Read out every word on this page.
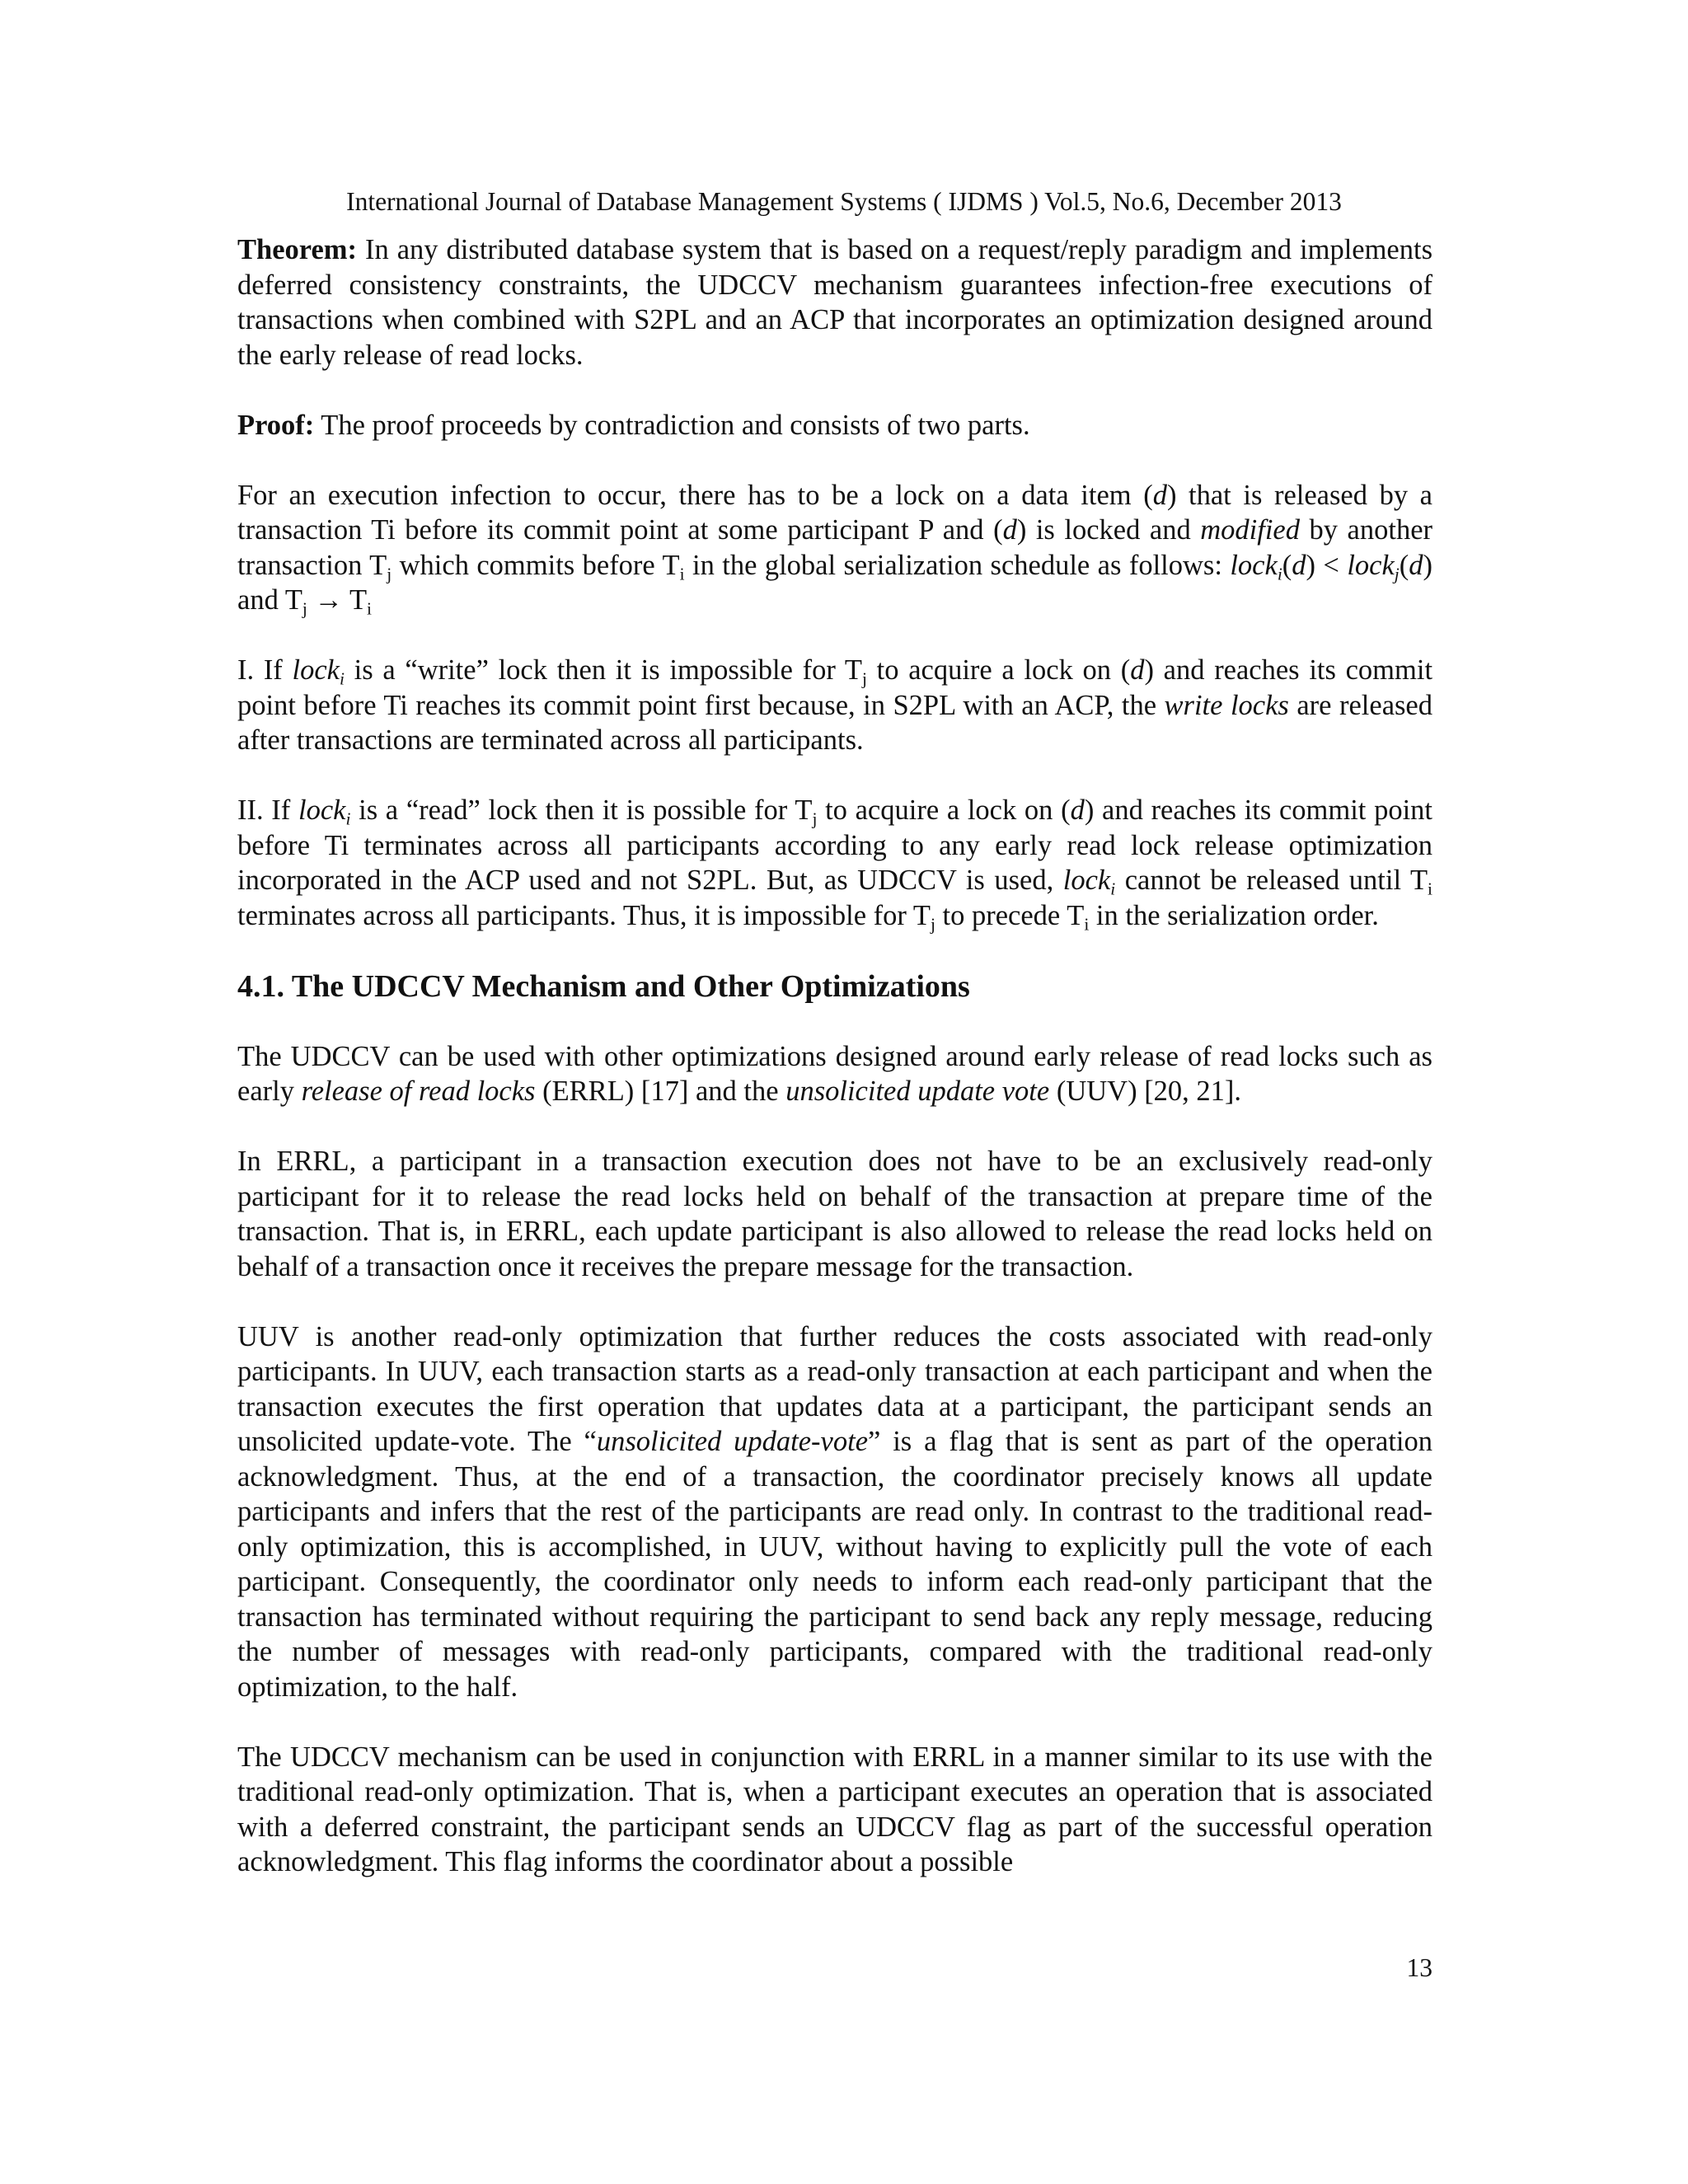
International Journal of Database Management Systems ( IJDMS ) Vol.5, No.6, December 2013

Theorem: In any distributed database system that is based on a request/reply paradigm and implements deferred consistency constraints, the UDCCV mechanism guarantees infection-free executions of transactions when combined with S2PL and an ACP that incorporates an optimization designed around the early release of read locks.

Proof: The proof proceeds by contradiction and consists of two parts.

For an execution infection to occur, there has to be a lock on a data item (d) that is released by a transaction Ti before its commit point at some participant P and (d) is locked and modified by another transaction $T_j$ which commits before $T_i$ in the global serialization schedule as follows: lock$_i$(d) < lock$_j$(d) and $T_j \to T_i$

I. If lock$_i$ is a “write” lock then it is impossible for $T_j$ to acquire a lock on (d) and reaches its commit point before Ti reaches its commit point first because, in S2PL with an ACP, the write locks are released after transactions are terminated across all participants.

II. If lock$_i$ is a “read” lock then it is possible for $T_j$ to acquire a lock on (d) and reaches its commit point before Ti terminates across all participants according to any early read lock release optimization incorporated in the ACP used and not S2PL. But, as UDCCV is used, lock$_i$ cannot be released until $T_i$ terminates across all participants. Thus, it is impossible for $T_j$ to precede $T_i$ in the serialization order.

4.1. The UDCCV Mechanism and Other Optimizations

The UDCCV can be used with other optimizations designed around early release of read locks such as early release of read locks (ERRL) [17] and the unsolicited update vote (UUV) [20, 21].

In ERRL, a participant in a transaction execution does not have to be an exclusively read-only participant for it to release the read locks held on behalf of the transaction at prepare time of the transaction. That is, in ERRL, each update participant is also allowed to release the read locks held on behalf of a transaction once it receives the prepare message for the transaction.

UUV is another read-only optimization that further reduces the costs associated with read-only participants. In UUV, each transaction starts as a read-only transaction at each participant and when the transaction executes the first operation that updates data at a participant, the participant sends an unsolicited update-vote. The “unsolicited update-vote” is a flag that is sent as part of the operation acknowledgment. Thus, at the end of a transaction, the coordinator precisely knows all update participants and infers that the rest of the participants are read only. In contrast to the traditional read-only optimization, this is accomplished, in UUV, without having to explicitly pull the vote of each participant. Consequently, the coordinator only needs to inform each read-only participant that the transaction has terminated without requiring the participant to send back any reply message, reducing the number of messages with read-only participants, compared with the traditional read-only optimization, to the half.

The UDCCV mechanism can be used in conjunction with ERRL in a manner similar to its use with the traditional read-only optimization. That is, when a participant executes an operation that is associated with a deferred constraint, the participant sends an UDCCV flag as part of the successful operation acknowledgment. This flag informs the coordinator about a possible

13
